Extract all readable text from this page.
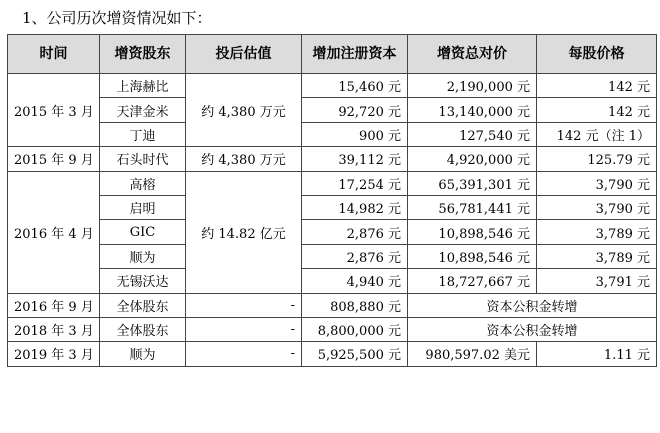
1、公司历次增资情况如下：
时间	增资股东	投后估值	增加注册资本	增资总对价	每股价格
2015 年 3 月	上海赫比	约 4,380 万元	15,460 元	2,190,000 元	142 元
	天津金米		92,720 元	13,140,000 元	142 元
	丁迪		900 元	127,540 元	142 元（注 1）
2015 年 9 月	石头时代	约 4,380 万元	39,112 元	4,920,000 元	125.79 元
2016 年 4 月	高榕	约 14.82 亿元	17,254 元	65,391,301 元	3,790 元
	启明		14,982 元	56,781,441 元	3,790 元
	GIC		2,876 元	10,898,546 元	3,789 元
	顺为		2,876 元	10,898,546 元	3,789 元
	无锡沃达		4,940 元	18,727,667 元	3,791 元
2016 年 9 月	全体股东	-	808,880 元	资本公积金转增	
2018 年 3 月	全体股东	-	8,800,000 元	资本公积金转增	
2019 年 3 月	顺为	-	5,925,500 元	980,597.02 美元	1.11 元
